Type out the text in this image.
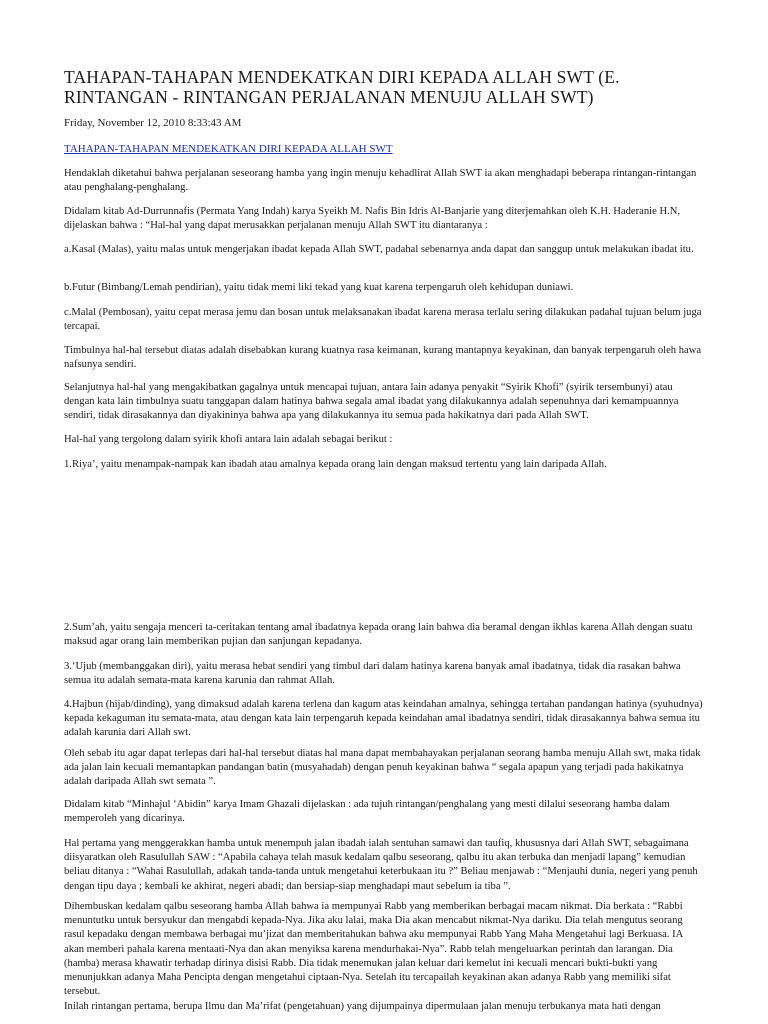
TAHAPAN-TAHAPAN MENDEKATKAN DIRI KEPADA ALLAH SWT (E. RINTANGAN - RINTANGAN PERJALANAN MENUJU ALLAH SWT)

Friday, November 12, 2010 8:33:43 AM

TAHAPAN-TAHAPAN MENDEKATKAN DIRI KEPADA ALLAH SWT

Hendaklah diketahui bahwa perjalanan seseorang hamba yang ingin menuju kehadlirat Allah SWT ia akan menghadapi beberapa rintangan-rintangan atau penghalang-penghalang.

Didalam kitab Ad-Durrunnafis (Permata Yang Indah) karya Syeikh M. Nafis Bin Idris Al-Banjarie yang diterjemahkan oleh K.H. Haderanie H.N, dijelaskan bahwa : “Hal-hal yang dapat merusakkan perjalanan menuju Allah SWT itu diantaranya :

a.Kasal (Malas), yaitu malas untuk mengerjakan ibadat kepada Allah SWT, padahal sebenarnya anda dapat dan sanggup untuk melakukan ibadat itu.

b.Futur (Bimbang/Lemah pendirian), yaitu tidak memi liki tekad yang kuat karena terpengaruh oleh kehidupan duniawi.

c.Malal (Pembosan), yaitu cepat merasa jemu dan bosan untuk melaksanakan ibadat karena merasa terlalu sering dilakukan padahal tujuan belum juga tercapai.

Timbulnya hal-hal tersebut diatas adalah disebabkan kurang kuatnya rasa keimanan, kurang mantapnya keyakinan, dan banyak terpengaruh oleh hawa nafsunya sendiri.

Selanjutnya hal-hal yang mengakibatkan gagalnya untuk mencapai tujuan, antara lain adanya penyakit “Syirik Khofi” (syirik tersembunyi) atau dengan kata lain timbulnya suatu tanggapan dalam hatinya bahwa segala amal ibadat yang dilakukannya adalah sepenuhnya dari kemampuannya sendiri, tidak dirasakannya dan diyakininya bahwa apa yang dilakukannya itu semua pada hakikatnya dari pada Allah SWT.

Hal-hal yang tergolong dalam syirik khofi antara lain adalah sebagai berikut :

1.Riya’, yaitu menampak-nampak kan ibadah atau amalnya kepada orang lain dengan maksud tertentu yang lain daripada Allah.

2.Sum’ah, yaitu sengaja menceri ta-ceritakan tentang amal ibadatnya kepada orang lain bahwa dia beramal dengan ikhlas karena Allah dengan suatu maksud agar orang lain memberikan pujian dan sanjungan kepadanya.

3.‘Ujub (membanggakan diri), yaitu merasa hebat sendiri yang timbul dari dalam hatinya karena banyak amal ibadatnya, tidak dia rasakan bahwa semua itu adalah semata-mata karena karunia dan rahmat Allah.

4.Hajbun (hijab/dinding), yang dimaksud adalah karena terlena dan kagum atas keindahan amalnya, sehingga tertahan pandangan hatinya (syuhudnya) kepada kekaguman itu semata-mata, atau dengan kata lain terpengaruh kepada keindahan amal ibadatnya sendiri, tidak dirasakannya bahwa semua itu adalah karunia dari Allah swt.

Oleh sebab itu agar dapat terlepas dari hal-hal tersebut diatas hal mana dapat membahayakan perjalanan seorang hamba menuju Allah swt, maka tidak ada jalan lain kecuali memantapkan pandangan batin (musyahadah) dengan penuh keyakinan bahwa “ segala apapun yang terjadi pada hakikatnya adalah daripada Allah swt semata ”.

Didalam kitab “Minhajul ‘Abidin” karya Imam Ghazali dijelaskan : ada tujuh rintangan/penghalang yang mesti dilalui seseorang hamba dalam memperoleh yang dicarinya.

Hal pertama yang menggerakkan hamba untuk menempuh jalan ibadah ialah sentuhan samawi dan taufiq, khususnya dari Allah SWT, sebagaimana diisyaratkan oleh Rasulullah SAW : “Apabila cahaya telah masuk kedalam qalbu seseorang, qalbu itu akan terbuka dan menjadi lapang” kemudian beliau ditanya : “Wahai Rasulullah, adakah tanda-tanda untuk mengetahui keterbukaan itu ?” Beliau menjawab : “Menjauhi dunia, negeri yang penuh dengan tipu daya ; kembali ke akhirat, negeri abadi; dan bersiap-siap menghadapi maut sebelum ia tiba ”.

Dihembuskan kedalam qalbu seseorang hamba Allah bahwa ia mempunyai Rabb yang memberikan berbagai macam nikmat. Dia berkata : “Rabbi menuntutku untuk bersyukur dan mengabdi kepada-Nya. Jika aku lalai, maka Dia akan mencabut nikmat-Nya dariku. Dia telah mengutus seorang rasul kepadaku dengan membawa berbagai mu’jizat dan memberitahukan bahwa aku mempunyai Rabb Yang Maha Mengetahui lagi Berkuasa. IA akan memberi pahala karena mentaati-Nya dan akan menyiksa karena mendurhakai-Nya”. Rabb telah mengeluarkan perintah dan larangan. Dia (hamba) merasa khawatir terhadap dirinya disisi Rabb. Dia tidak menemukan jalan keluar dari kemelut ini kecuali mencari bukti-bukti yang menunjukkan adanya Maha Pencipta dengan mengetahui ciptaan-Nya. Setelah itu tercapailah keyakinan akan adanya Rabb yang memiliki sifat tersebut.

Inilah rintangan pertama, berupa Ilmu dan Ma’rifat (pengetahuan) yang dijumpainya dipermulaan jalan menuju terbukanya mata hati dengan
